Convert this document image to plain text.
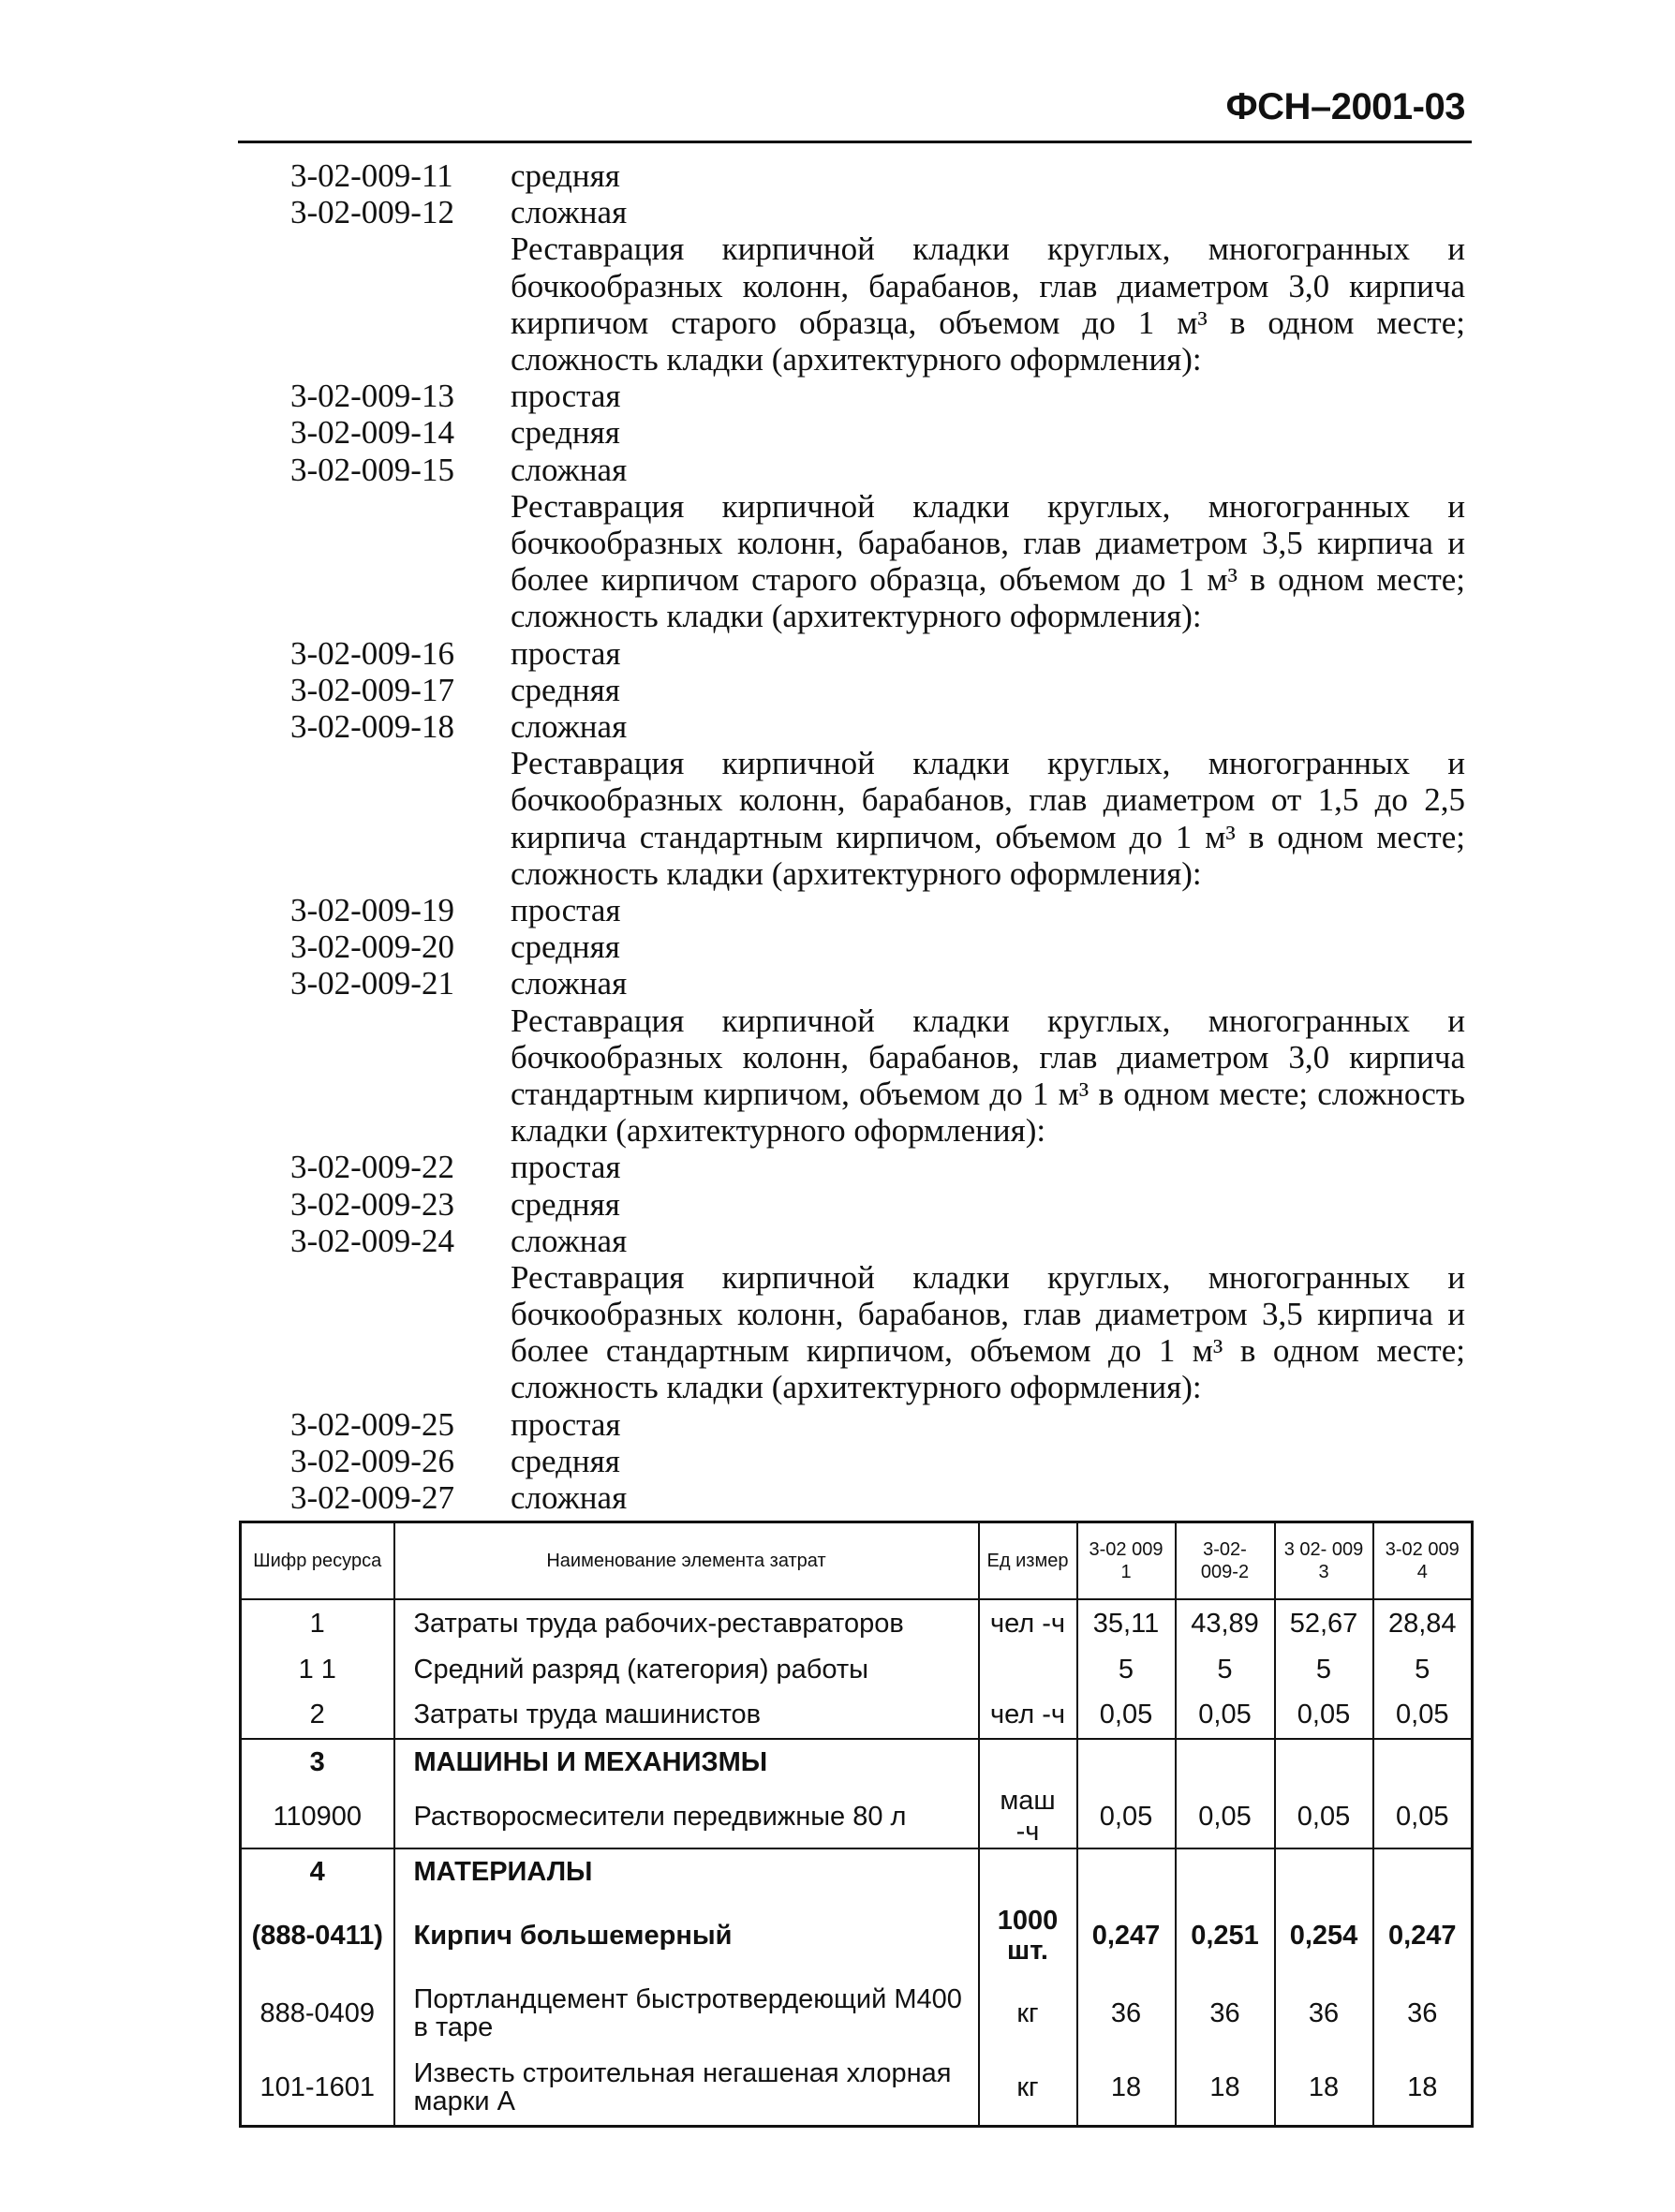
ФСН–2001-03
3-02-009-11 средняя
3-02-009-12 сложная
Реставрация кирпичной кладки круглых, многогранных и бочкообразных колонн, барабанов, глав диаметром 3,0 кирпича кирпичом старого образца, объемом до 1 м³ в одном месте; сложность кладки (архитектурного оформления):
3-02-009-13 простая
3-02-009-14 средняя
3-02-009-15 сложная
Реставрация кирпичной кладки круглых, многогранных и бочкообразных колонн, барабанов, глав диаметром 3,5 кирпича и более кирпичом старого образца, объемом до 1 м³ в одном месте; сложность кладки (архитектурного оформления):
3-02-009-16 простая
3-02-009-17 средняя
3-02-009-18 сложная
Реставрация кирпичной кладки круглых, многогранных и бочкообразных колонн, барабанов, глав диаметром от 1,5 до 2,5 кирпича стандартным кирпичом, объемом до 1 м³ в одном месте; сложность кладки (архитектурного оформления):
3-02-009-19 простая
3-02-009-20 средняя
3-02-009-21 сложная
Реставрация кирпичной кладки круглых, многогранных и бочкообразных колонн, барабанов, глав диаметром 3,0 кирпича стандартным кирпичом, объемом до 1 м³ в одном месте; сложность кладки (архитектурного оформления):
3-02-009-22 простая
3-02-009-23 средняя
3-02-009-24 сложная
Реставрация кирпичной кладки круглых, многогранных и бочкообразных колонн, барабанов, глав диаметром 3,5 кирпича и более стандартным кирпичом, объемом до 1 м³ в одном месте; сложность кладки (архитектурного оформления):
3-02-009-25 простая
3-02-009-26 средняя
3-02-009-27 сложная
Шифр ресурса	Наименование элемента затрат	Ед измер	3-02 009 1	3-02- 009-2	3 02- 009 3	3-02 009 4
1	Затраты труда рабочих-реставраторов	чел -ч	35,11	43,89	52,67	28,84
1 1	Средний разряд (категория) работы		5	5	5	5
2	Затраты труда машинистов	чел -ч	0,05	0,05	0,05	0,05
3	МАШИНЫ И МЕХАНИЗМЫ					
110900	Растворосмесители передвижные 80 л	маш -ч	0,05	0,05	0,05	0,05
4	МАТЕРИАЛЫ					
(888-0411)	Кирпич большемерный	1000 шт.	0,247	0,251	0,254	0,247
888-0409	Портландцемент быстротвердеющий М400 в таре	кг	36	36	36	36
101-1601	Известь строительная негашеная хлорная марки А	кг	18	18	18	18
